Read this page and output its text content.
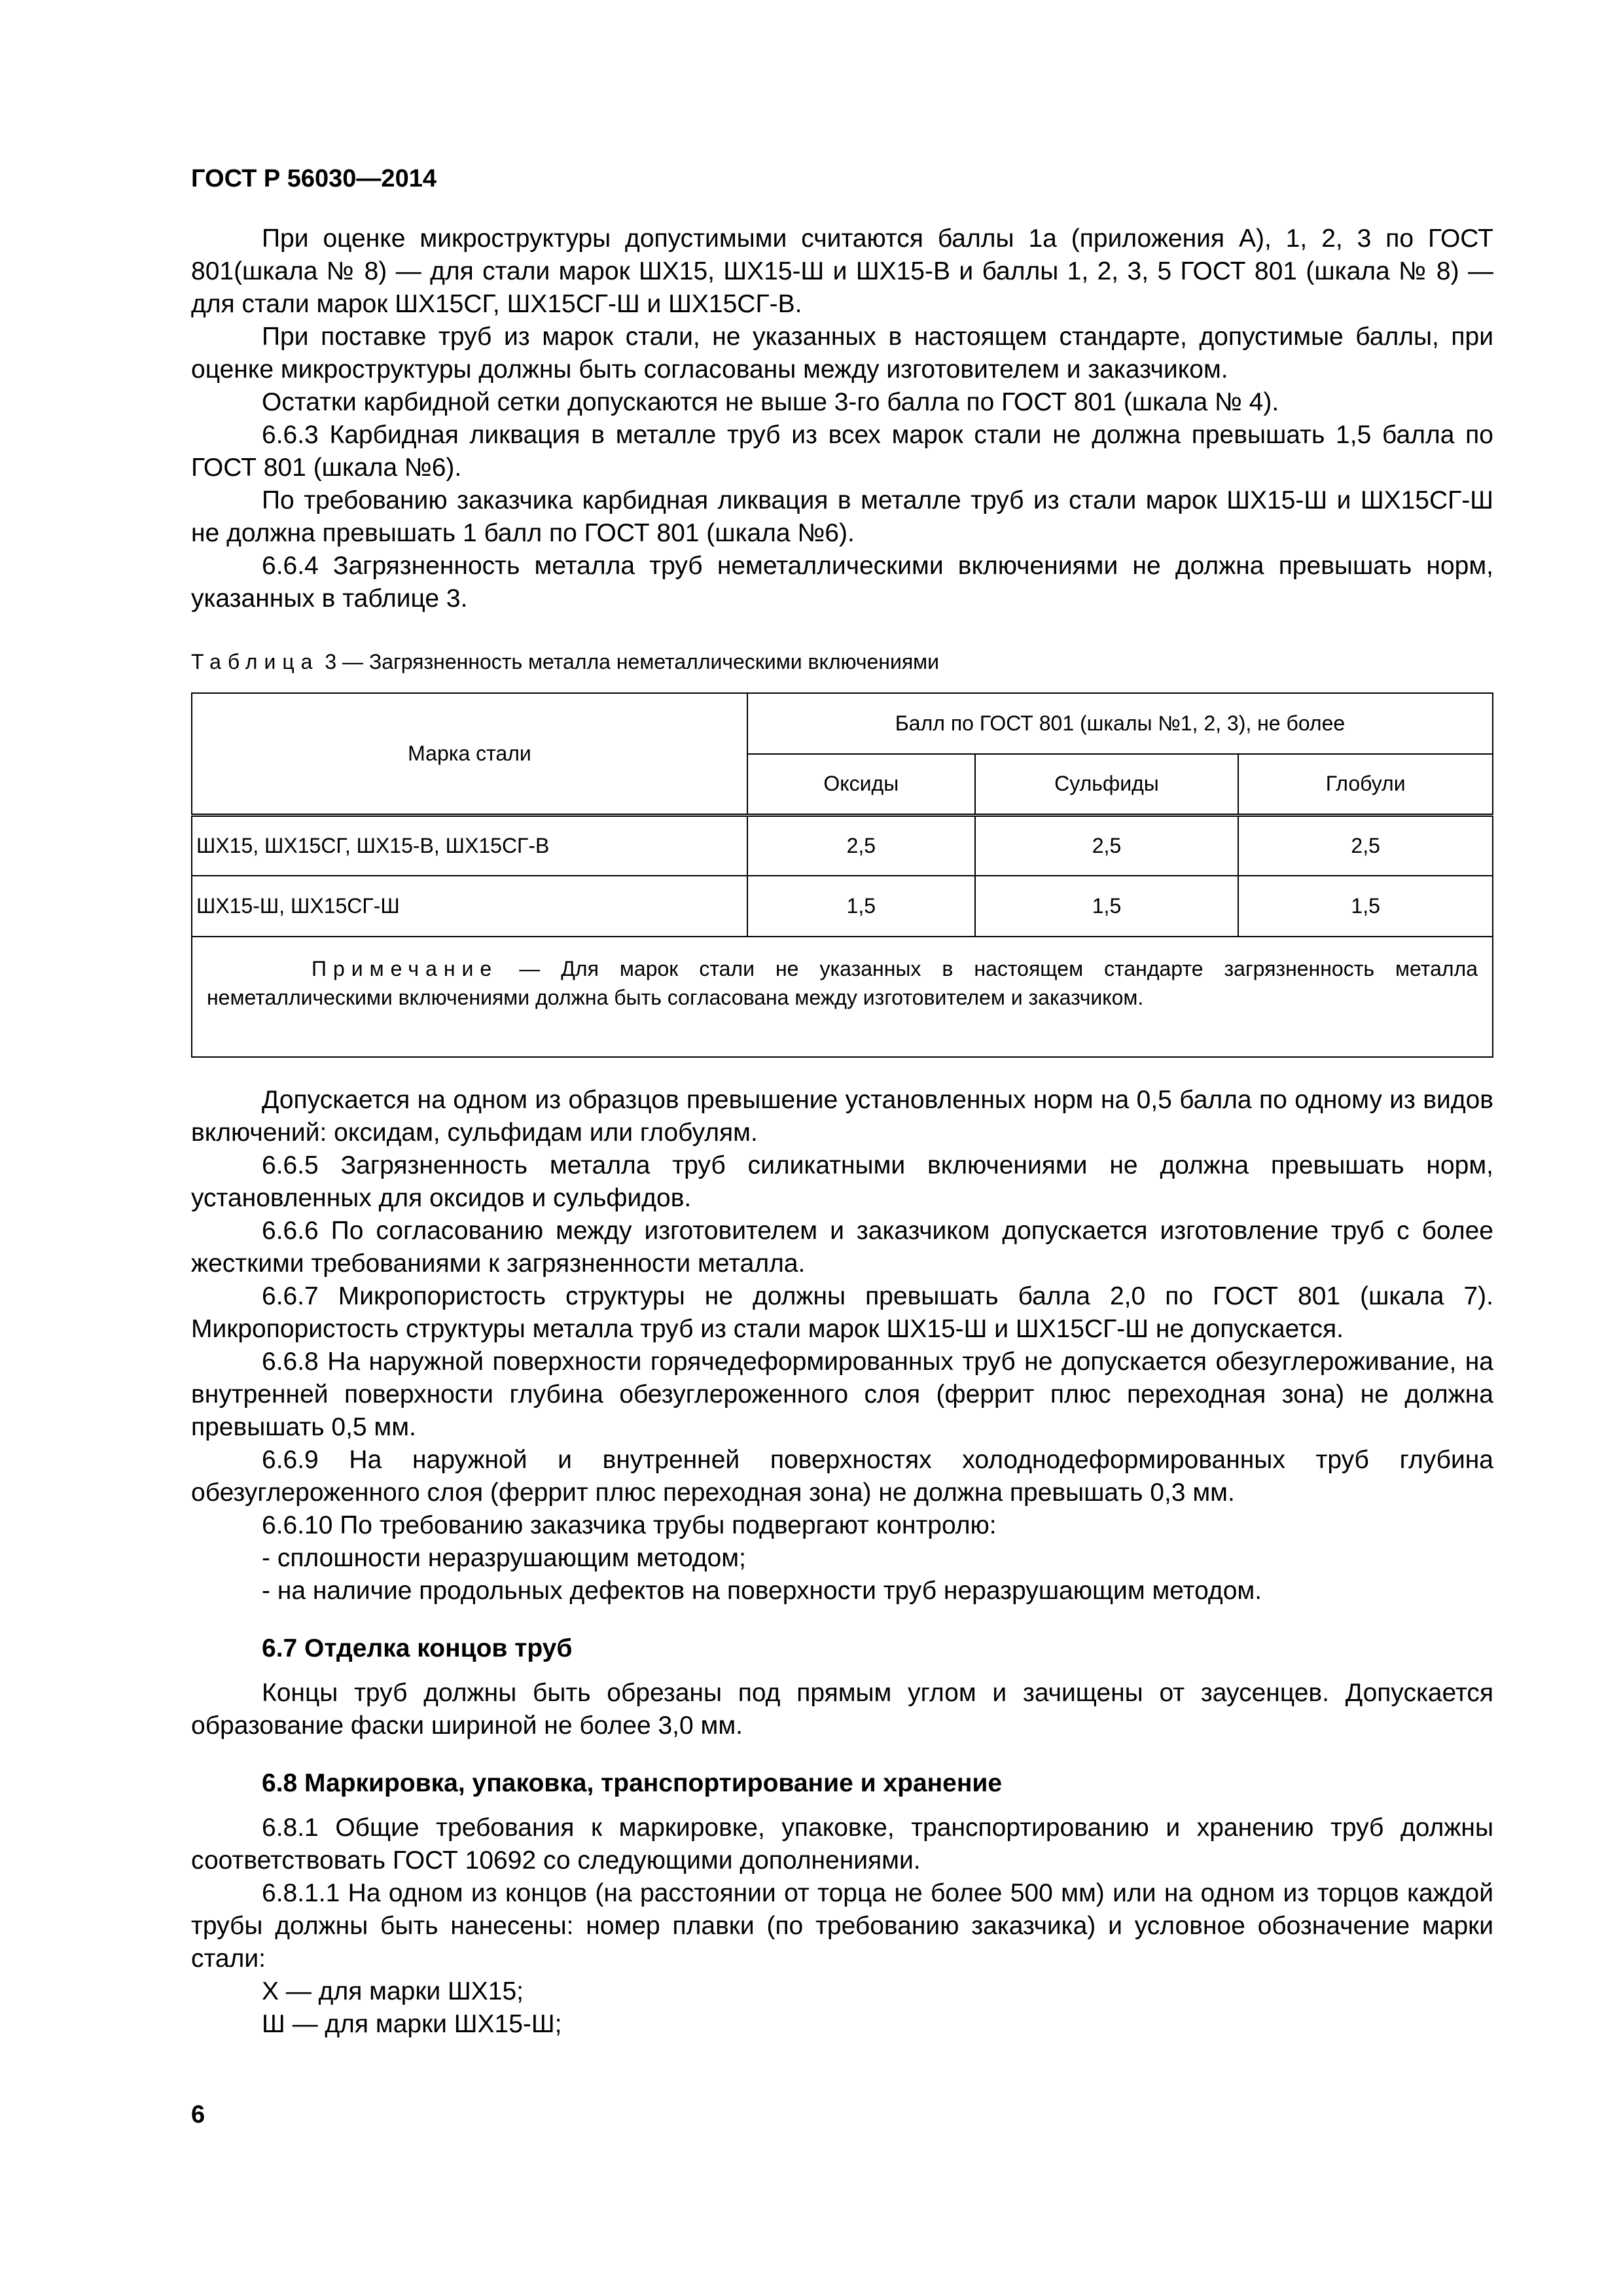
ГОСТ Р 56030—2014

При оценке микроструктуры допустимыми считаются баллы 1а (приложения А), 1, 2, 3 по ГОСТ 801(шкала № 8) — для стали марок ШХ15, ШХ15-Ш и ШХ15-В и баллы 1, 2, 3, 5 ГОСТ 801 (шкала № 8) — для стали марок ШХ15СГ, ШХ15СГ-Ш и ШХ15СГ-В.

При поставке труб из марок стали, не указанных в настоящем стандарте, допустимые баллы, при оценке микроструктуры должны быть согласованы между изготовителем и заказчиком.

Остатки карбидной сетки допускаются не выше 3-го балла по ГОСТ 801 (шкала № 4).

6.6.3 Карбидная ликвация в металле труб из всех марок стали не должна превышать 1,5 балла по ГОСТ 801 (шкала №6).

По требованию заказчика карбидная ликвация в металле труб из стали марок ШХ15-Ш и ШХ15СГ-Ш не должна превышать 1 балл по ГОСТ 801 (шкала №6).

6.6.4 Загрязненность металла труб неметаллическими включениями не должна превышать норм, указанных в таблице 3.

Таблица 3 — Загрязненность металла неметаллическими включениями
Марка стали	Балл по ГОСТ 801 (шкалы №1, 2, 3), не более		
	Оксиды	Сульфиды	Глобули
ШХ15, ШХ15СГ, ШХ15-В, ШХ15СГ-В	2,5	2,5	2,5
ШХ15-Ш, ШХ15СГ-Ш	1,5	1,5	1,5
Примечание — Для марок стали не указанных в настоящем стандарте загрязненность металла неметаллическими включениями должна быть согласована между изготовителем и заказчиком.			

Допускается на одном из образцов превышение установленных норм на 0,5 балла по одному из видов включений: оксидам, сульфидам или глобулям.

6.6.5 Загрязненность металла труб силикатными включениями не должна превышать норм, установленных для оксидов и сульфидов.

6.6.6 По согласованию между изготовителем и заказчиком допускается изготовление труб с более жесткими требованиями к загрязненности металла.

6.6.7 Микропористость структуры не должны превышать балла 2,0 по ГОСТ 801 (шкала 7). Микропористость структуры металла труб из стали марок ШХ15-Ш и ШХ15СГ-Ш не допускается.

6.6.8 На наружной поверхности горячедеформированных труб не допускается обезуглероживание, на внутренней поверхности глубина обезуглероженного слоя (феррит плюс переходная зона) не должна превышать 0,5 мм.

6.6.9 На наружной и внутренней поверхностях холоднодеформированных труб глубина обезуглероженного слоя (феррит плюс переходная зона) не должна превышать 0,3 мм.

6.6.10 По требованию заказчика трубы подвергают контролю:

- сплошности неразрушающим методом;

- на наличие продольных дефектов на поверхности труб неразрушающим методом.

6.7 Отделка концов труб

Концы труб должны быть обрезаны под прямым углом и зачищены от заусенцев. Допускается образование фаски шириной не более 3,0 мм.

6.8 Маркировка, упаковка, транспортирование и хранение

6.8.1 Общие требования к маркировке, упаковке, транспортированию и хранению труб должны соответствовать ГОСТ 10692 со следующими дополнениями.

6.8.1.1 На одном из концов (на расстоянии от торца не более 500 мм) или на одном из торцов каждой трубы должны быть нанесены: номер плавки (по требованию заказчика) и условное обозначение марки стали:

Х — для марки ШХ15;

Ш — для марки ШХ15-Ш;

6
